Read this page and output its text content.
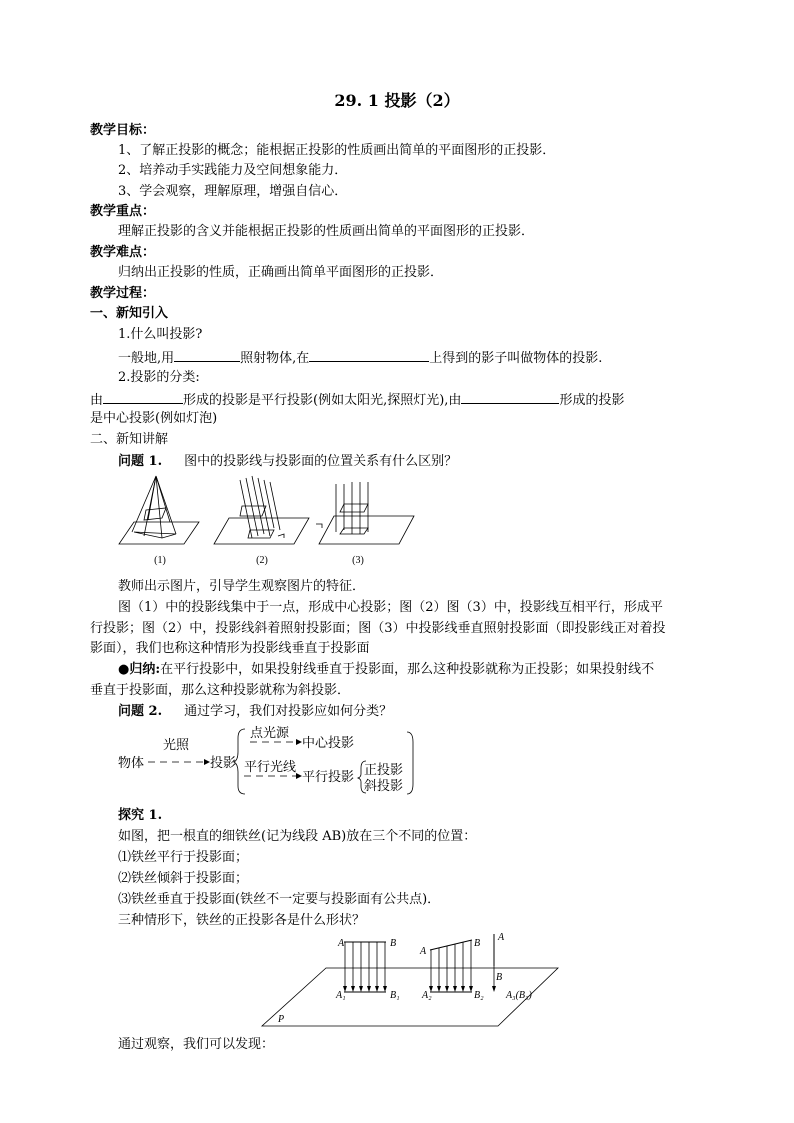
29. 1 投影（2）
教学目标：
1、了解正投影的概念；能根据正投影的性质画出简单的平面图形的正投影．
2、培养动手实践能力及空间想象能力．
3、学会观察，理解原理，增强自信心．
教学重点：
理解正投影的含义并能根据正投影的性质画出简单的平面图形的正投影．
教学难点：
归纳出正投影的性质，正确画出简单平面图形的正投影．
教学过程：
一、新知引入
1.什么叫投影?
一般地,用	照射物体,在	上得到的影子叫做物体的投影.
2.投影的分类:
由	形成的投影是平行投影(例如太阳光,探照灯光),由	形成的投影
是中心投影(例如灯泡)
二、新知讲解
问题 1. 图中的投影线与投影面的位置关系有什么区别？
(1)	(2)	(3)
教师出示图片，引导学生观察图片的特征．
图（1）中的投影线集中于一点，形成中心投影；图（2）图（3）中，投影线互相平行，形成平
行投影；图（2）中，投影线斜着照射投影面；图（3）中投影线垂直照射投影面（即投影线正对着投
影面），我们也称这种情形为投影线垂直于投影面
●归纳:在平行投影中，如果投射线垂直于投影面，那么这种投影就称为正投影；如果投射线不
垂直于投影面，那么这种投影就称为斜投影．
问题 2. 通过学习，我们对投影应如何分类？
物体
光照
投影
点光源
中心投影
平行光线
平行投影 正投影
斜投影
探究 1.
如图，把一根直的细铁丝(记为线段 AB)放在三个不同的位置：
⑴铁丝平行于投影面；
⑵铁丝倾斜于投影面；
⑶铁丝垂直于投影面(铁丝不一定要与投影面有公共点)．
三种情形下，铁丝的正投影各是什么形状？
A	B
A₁	B₁
A
B
A₂	B₂
A
B
A₃(B₃)
P
通过观察，我们可以发现：
